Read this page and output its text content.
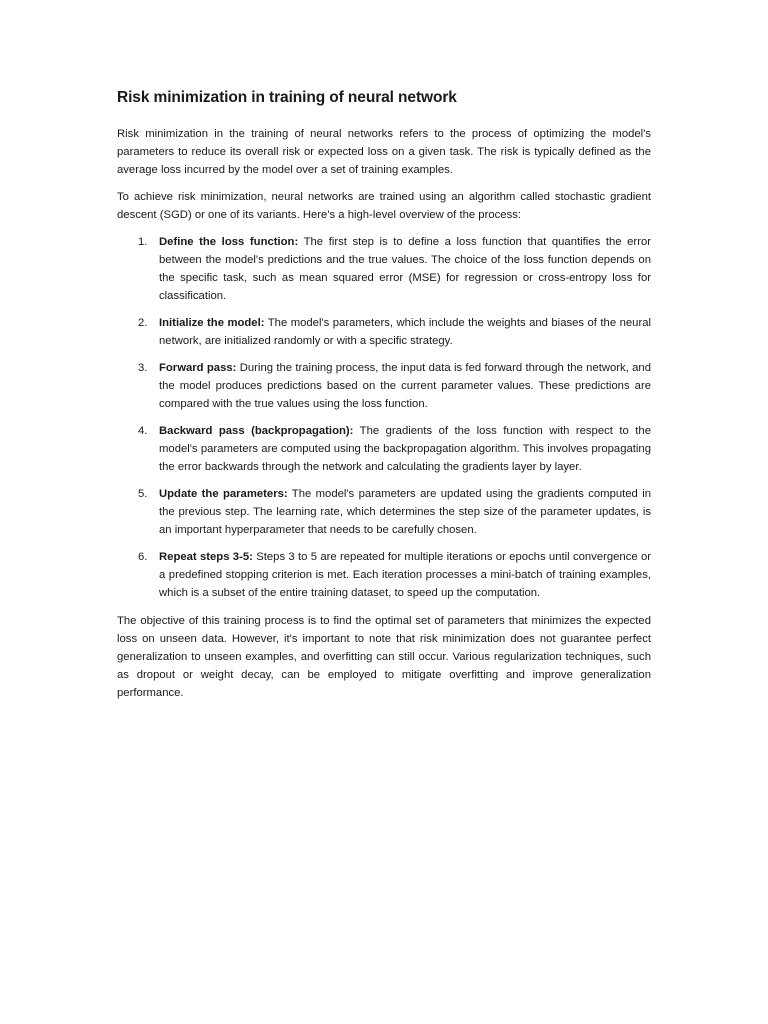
Risk minimization in training of neural network

Risk minimization in the training of neural networks refers to the process of optimizing the model's parameters to reduce its overall risk or expected loss on a given task. The risk is typically defined as the average loss incurred by the model over a set of training examples.

To achieve risk minimization, neural networks are trained using an algorithm called stochastic gradient descent (SGD) or one of its variants. Here's a high-level overview of the process:

1.	Define the loss function: The first step is to define a loss function that quantifies the error between the model's predictions and the true values. The choice of the loss function depends on the specific task, such as mean squared error (MSE) for regression or cross-entropy loss for classification.
2.	Initialize the model: The model's parameters, which include the weights and biases of the neural network, are initialized randomly or with a specific strategy.
3.	Forward pass: During the training process, the input data is fed forward through the network, and the model produces predictions based on the current parameter values. These predictions are compared with the true values using the loss function.
4.	Backward pass (backpropagation): The gradients of the loss function with respect to the model's parameters are computed using the backpropagation algorithm. This involves propagating the error backwards through the network and calculating the gradients layer by layer.
5.	Update the parameters: The model's parameters are updated using the gradients computed in the previous step. The learning rate, which determines the step size of the parameter updates, is an important hyperparameter that needs to be carefully chosen.
6.	Repeat steps 3-5: Steps 3 to 5 are repeated for multiple iterations or epochs until convergence or a predefined stopping criterion is met. Each iteration processes a mini-batch of training examples, which is a subset of the entire training dataset, to speed up the computation.

The objective of this training process is to find the optimal set of parameters that minimizes the expected loss on unseen data. However, it's important to note that risk minimization does not guarantee perfect generalization to unseen examples, and overfitting can still occur. Various regularization techniques, such as dropout or weight decay, can be employed to mitigate overfitting and improve generalization performance.
